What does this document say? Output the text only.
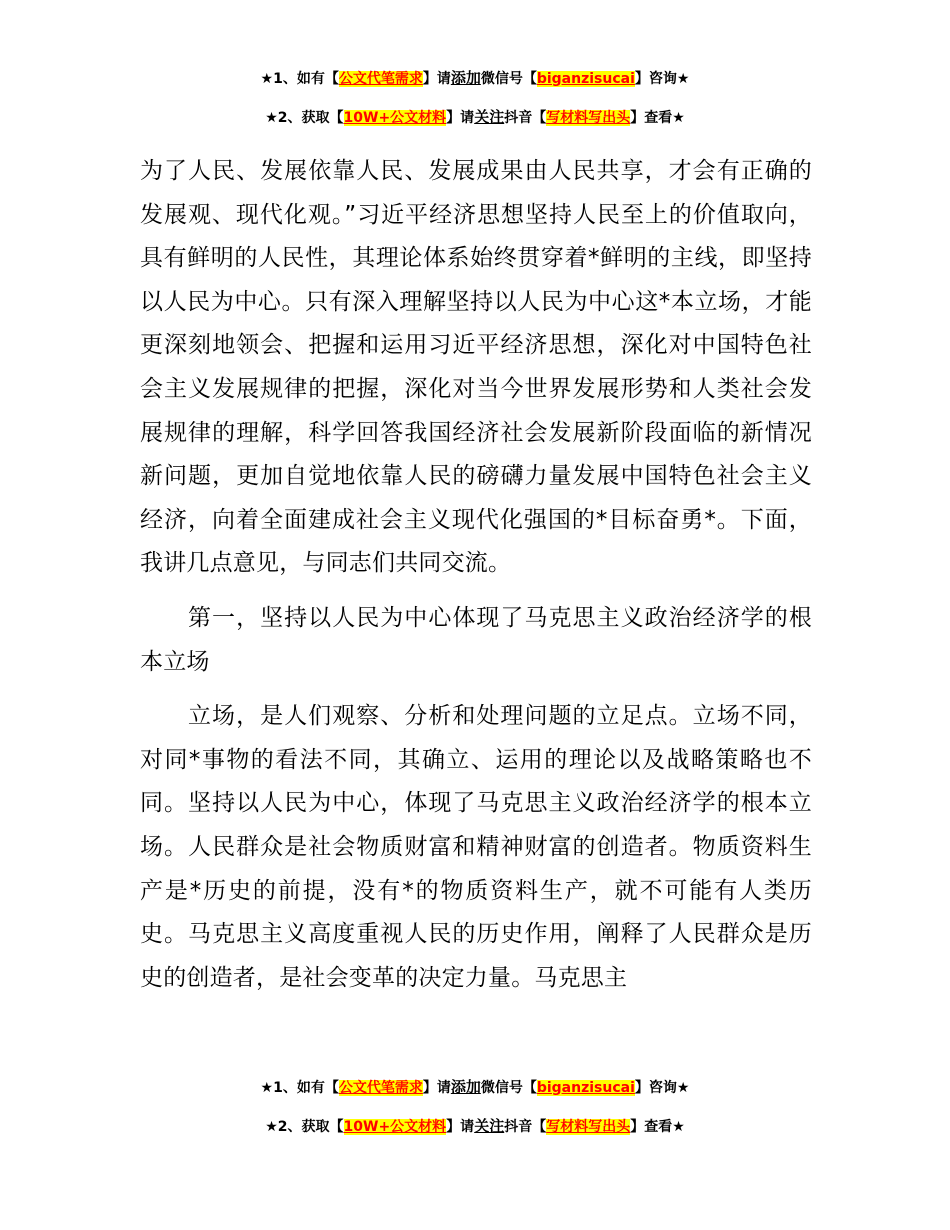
★1、如有【公文代笔需求】请添加微信号【biganzisucai】咨询★
★2、获取【10W+公文材料】请关注抖音【写材料写出头】查看★

为了人民、发展依靠人民、发展成果由人民共享，才会有正确的发展观、现代化观。”习近平经济思想坚持人民至上的价值取向，具有鲜明的人民性，其理论体系始终贯穿着*鲜明的主线，即坚持以人民为中心。只有深入理解坚持以人民为中心这*本立场，才能更深刻地领会、把握和运用习近平经济思想，深化对中国特色社会主义发展规律的把握，深化对当今世界发展形势和人类社会发展规律的理解，科学回答我国经济社会发展新阶段面临的新情况新问题，更加自觉地依靠人民的磅礴力量发展中国特色社会主义经济，向着全面建成社会主义现代化强国的*目标奋勇*。下面，我讲几点意见，与同志们共同交流。

第一，坚持以人民为中心体现了马克思主义政治经济学的根本立场

立场，是人们观察、分析和处理问题的立足点。立场不同，对同*事物的看法不同，其确立、运用的理论以及战略策略也不同。坚持以人民为中心，体现了马克思主义政治经济学的根本立场。人民群众是社会物质财富和精神财富的创造者。物质资料生产是*历史的前提，没有*的物质资料生产，就不可能有人类历史。马克思主义高度重视人民的历史作用，阐释了人民群众是历史的创造者，是社会变革的决定力量。马克思主

★1、如有【公文代笔需求】请添加微信号【biganzisucai】咨询★
★2、获取【10W+公文材料】请关注抖音【写材料写出头】查看★
